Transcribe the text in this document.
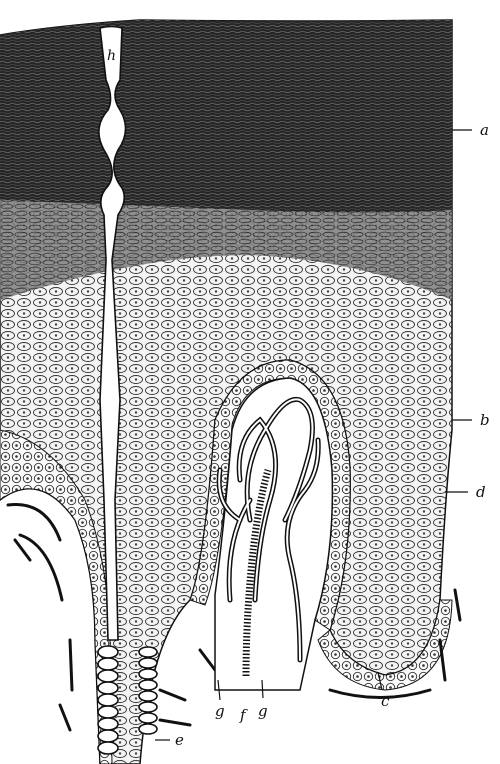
h
a
b
d
c
g f g
e
